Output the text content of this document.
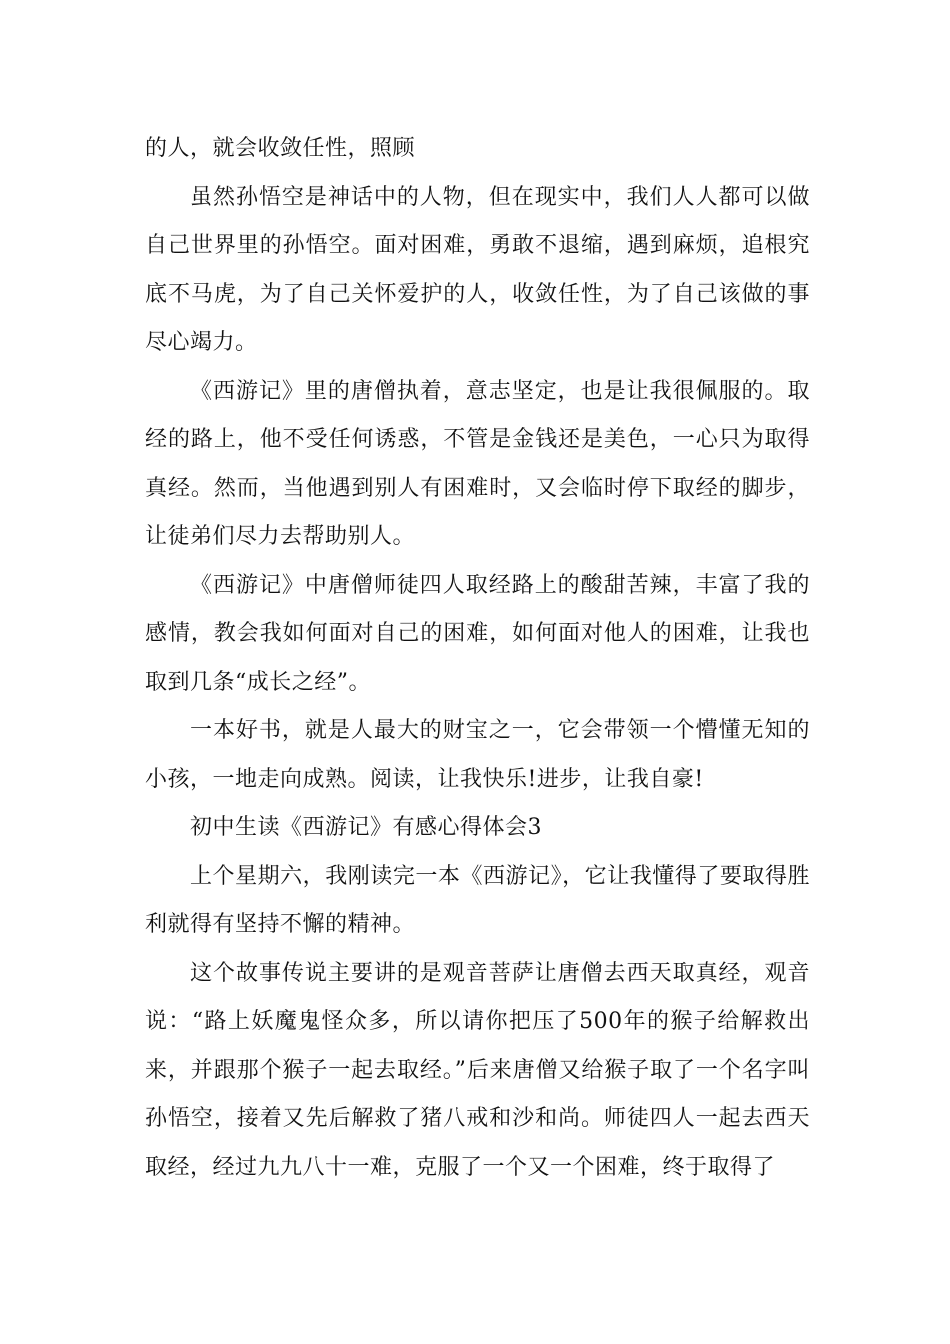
的人，就会收敛任性，照顾

虽然孙悟空是神话中的人物，但在现实中，我们人人都可以做自己世界里的孙悟空。面对困难，勇敢不退缩，遇到麻烦，追根究底不马虎，为了自己关怀爱护的人，收敛任性，为了自己该做的事尽心竭力。

《西游记》里的唐僧执着，意志坚定，也是让我很佩服的。取经的路上，他不受任何诱惑，不管是金钱还是美色，一心只为取得真经。然而，当他遇到别人有困难时，又会临时停下取经的脚步，让徒弟们尽力去帮助别人。

《西游记》中唐僧师徒四人取经路上的酸甜苦辣，丰富了我的感情，教会我如何面对自己的困难，如何面对他人的困难，让我也取到几条“成长之经”。

一本好书，就是人最大的财宝之一，它会带领一个懵懂无知的小孩，一地走向成熟。阅读，让我快乐!进步，让我自豪!

初中生读《西游记》有感心得体会3

上个星期六，我刚读完一本《西游记》，它让我懂得了要取得胜利就得有坚持不懈的精神。

这个故事传说主要讲的是观音菩萨让唐僧去西天取真经，观音说：“路上妖魔鬼怪众多，所以请你把压了500年的猴子给解救出来，并跟那个猴子一起去取经。”后来唐僧又给猴子取了一个名字叫孙悟空，接着又先后解救了猪八戒和沙和尚。师徒四人一起去西天取经，经过九九八十一难，克服了一个又一个困难，终于取得了
